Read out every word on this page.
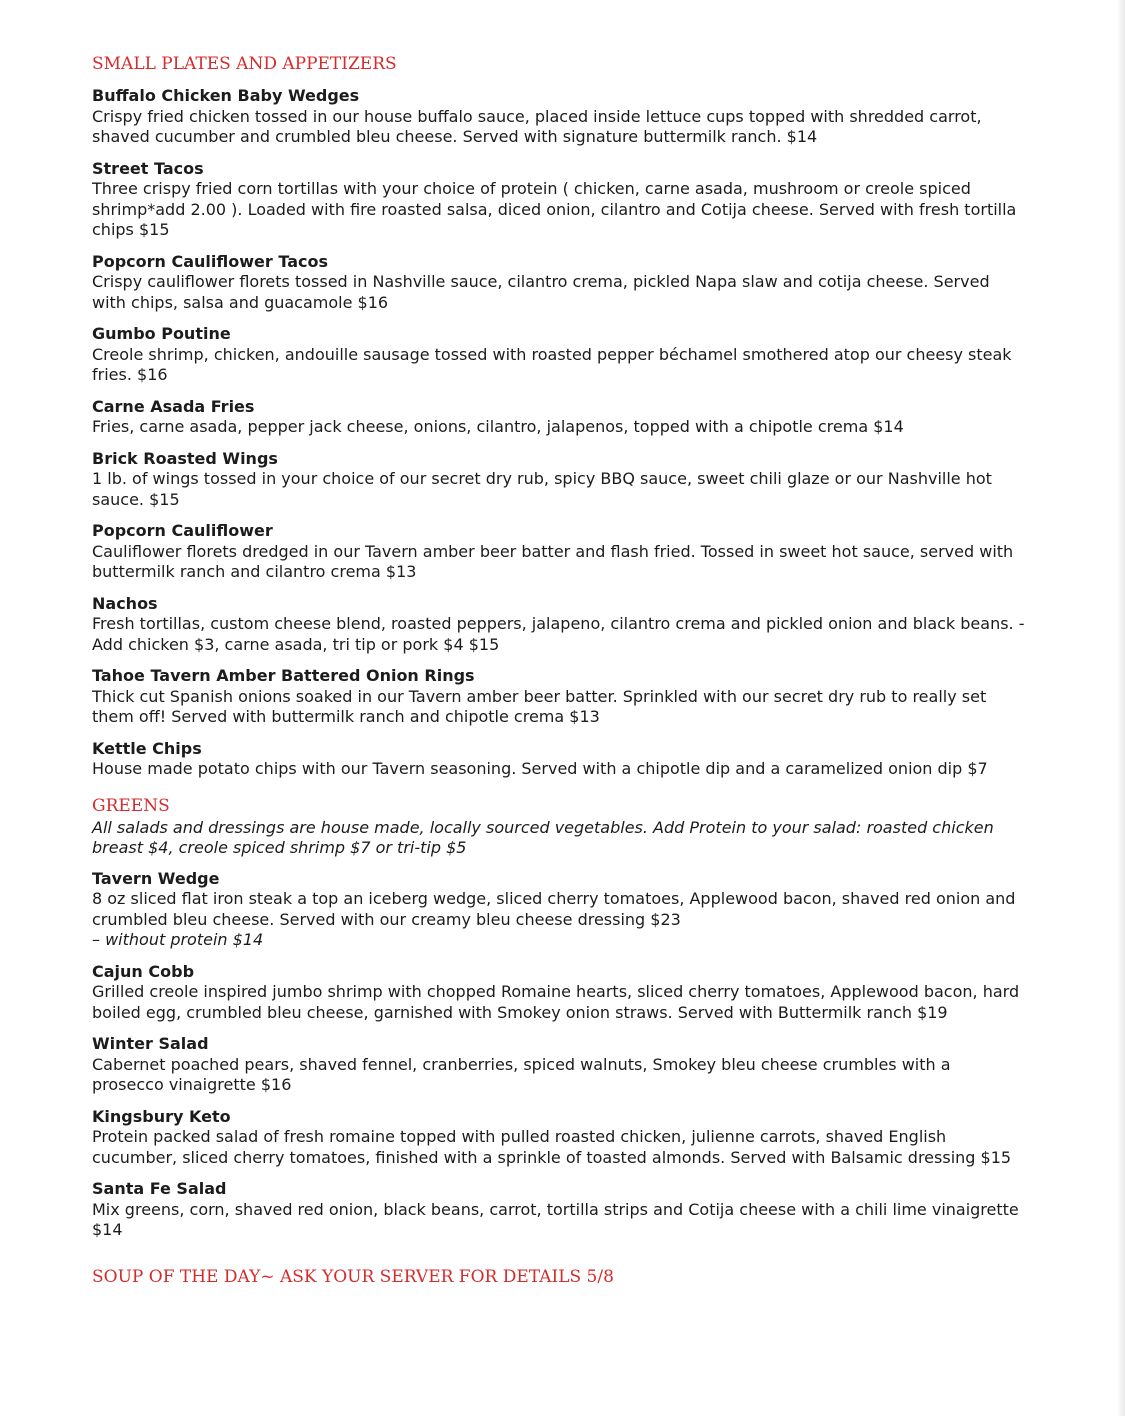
SMALL PLATES AND APPETIZERS
Buffalo Chicken Baby Wedges
Crispy fried chicken tossed in our house buffalo sauce, placed inside lettuce cups topped with shredded carrot, shaved cucumber and crumbled bleu cheese. Served with signature buttermilk ranch. $14
Street Tacos
Three crispy fried corn tortillas with your choice of protein ( chicken, carne asada, mushroom or creole spiced shrimp*add 2.00 ). Loaded with fire roasted salsa, diced onion, cilantro and Cotija cheese. Served with fresh tortilla chips $15
Popcorn Cauliflower Tacos
Crispy cauliflower florets tossed in Nashville sauce, cilantro crema, pickled Napa slaw and cotija cheese. Served with chips, salsa and guacamole $16
Gumbo Poutine
Creole shrimp, chicken, andouille sausage tossed with roasted pepper béchamel smothered atop our cheesy steak fries. $16
Carne Asada Fries
Fries, carne asada, pepper jack cheese, onions, cilantro, jalapenos, topped with a chipotle crema $14
Brick Roasted Wings
1 lb. of wings tossed in your choice of our secret dry rub, spicy BBQ sauce, sweet chili glaze or our Nashville hot sauce. $15
Popcorn Cauliflower
Cauliflower florets dredged in our Tavern amber beer batter and flash fried. Tossed in sweet hot sauce, served with buttermilk ranch and cilantro crema $13
Nachos
Fresh tortillas, custom cheese blend, roasted peppers, jalapeno, cilantro crema and pickled onion and black beans. -Add chicken $3, carne asada, tri tip or pork $4 $15
Tahoe Tavern Amber Battered Onion Rings
Thick cut Spanish onions soaked in our Tavern amber beer batter. Sprinkled with our secret dry rub to really set them off! Served with buttermilk ranch and chipotle crema $13
Kettle Chips
House made potato chips with our Tavern seasoning. Served with a chipotle dip and a caramelized onion dip $7
GREENS
All salads and dressings are house made, locally sourced vegetables. Add Protein to your salad: roasted chicken breast $4, creole spiced shrimp $7 or tri-tip $5
Tavern Wedge
8 oz sliced flat iron steak a top an iceberg wedge, sliced cherry tomatoes, Applewood bacon, shaved red onion and crumbled bleu cheese. Served with our creamy bleu cheese dressing $23
– without protein $14
Cajun Cobb
Grilled creole inspired jumbo shrimp with chopped Romaine hearts, sliced cherry tomatoes, Applewood bacon, hard boiled egg, crumbled bleu cheese, garnished with Smokey onion straws. Served with Buttermilk ranch $19
Winter Salad
Cabernet poached pears, shaved fennel, cranberries, spiced walnuts, Smokey bleu cheese crumbles with a prosecco vinaigrette $16
Kingsbury Keto
Protein packed salad of fresh romaine topped with pulled roasted chicken, julienne carrots, shaved English cucumber, sliced cherry tomatoes, finished with a sprinkle of toasted almonds. Served with Balsamic dressing $15
Santa Fe Salad
Mix greens, corn, shaved red onion, black beans, carrot, tortilla strips and Cotija cheese with a chili lime vinaigrette $14
SOUP OF THE DAY~ ASK YOUR SERVER FOR DETAILS 5/8
